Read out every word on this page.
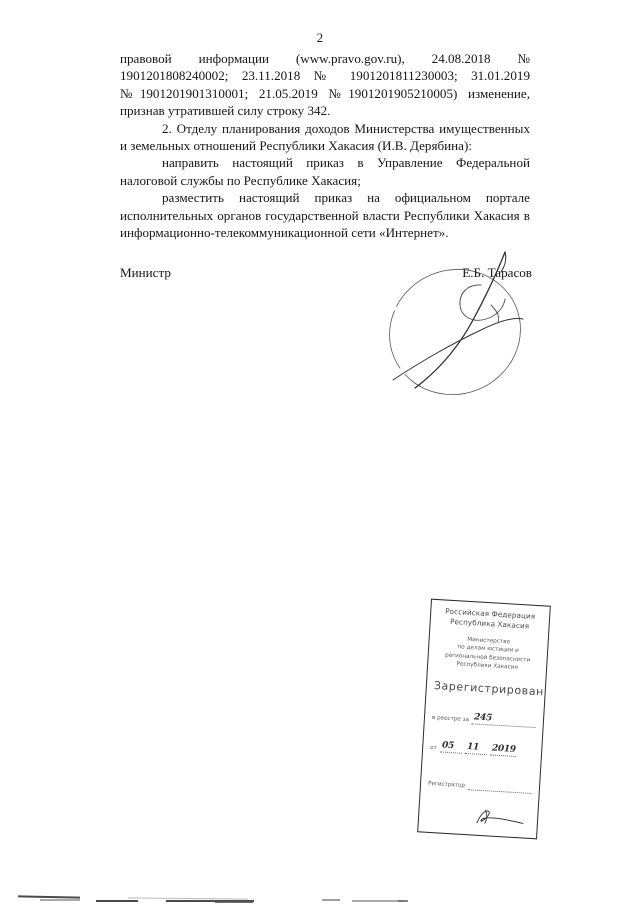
2

правовой информации (www.pravo.gov.ru), 24.08.2018 № 1901201808240002; 23.11.2018 № 1901201811230003; 31.01.2019 №1901201901310001; 21.05.2019 №1901201905210005) изменение, признав утратившей силу строку 342.

2. Отделу планирования доходов Министерства имущественных и земельных отношений Республики Хакасия (И.В. Дерябина):

направить настоящий приказ в Управление Федеральной налоговой службы по Республике Хакасия;

разместить настоящий приказ на официальном портале исполнительных органов государственной власти Республики Хакасия в информационно-телекоммуникационной сети «Интернет».

Министр	Е.Б. Тарасов
Российская Федерация
Республика Хакасия
Министерство
по делам юстиции и
региональной безопасности
Республики Хакасия
Зарегистрирован
в реестре за 245
от 05 11 2019
Регистратор
